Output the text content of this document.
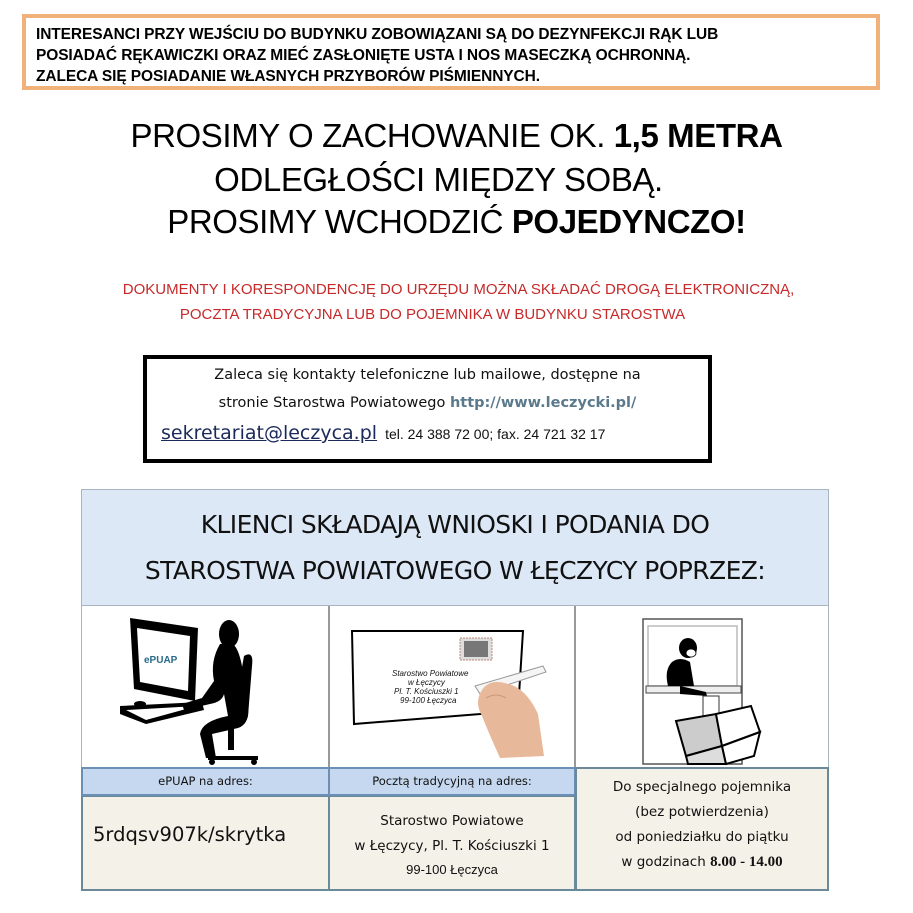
INTERESANCI PRZY WEJŚCIU DO BUDYNKU ZOBOWIĄZANI SĄ DO DEZYNFEKCJI RĄK LUB

POSIADAĆ RĘKAWICZKI ORAZ MIEĆ ZASŁONIĘTE USTA I NOS MASECZKĄ OCHRONNĄ.

ZALECA SIĘ POSIADANIE WŁASNYCH PRZYBORÓW PIŚMIENNYCH.

PROSIMY O ZACHOWANIE OK. 1,5 METRA
ODLEGŁOŚCI MIĘDZY SOBĄ.
PROSIMY WCHODZIĆ POJEDYNCZO!
DOKUMENTY I KORESPONDENCJĘ DO URZĘDU MOŻNA SKŁADAĆ DROGĄ ELEKTRONICZNĄ,
POCZTA TRADYCYJNA LUB DO POJEMNIKA W BUDYNKU STAROSTWA
Zaleca się kontakty telefoniczne lub mailowe, dostępne na
stronie Starostwa Powiatowego http://www.leczycki.pl/
sekretariat@leczyca.pl tel. 24 388 72 00; fax. 24 721 32 17
KLIENCI SKŁADAJĄ WNIOSKI I PODANIA DO
STAROSTWA POWIATOWEGO W ŁĘCZYCY POPRZEZ:
ePUAP
Starostwo Powiatowe w Łęczycy Pl. T. Kościuszki 1 99-100 Łęczyca
ePUAP na adres:	Pocztą tradycyjną na adres:
5rdqsv907k/skrytka
Starostwo Powiatowe
w Łęczycy, Pl. T. Kościuszki 1
99-100 Łęczyca
Do specjalnego pojemnika
(bez potwierdzenia)
od poniedziałku do piątku
w godzinach 8.00 - 14.00
